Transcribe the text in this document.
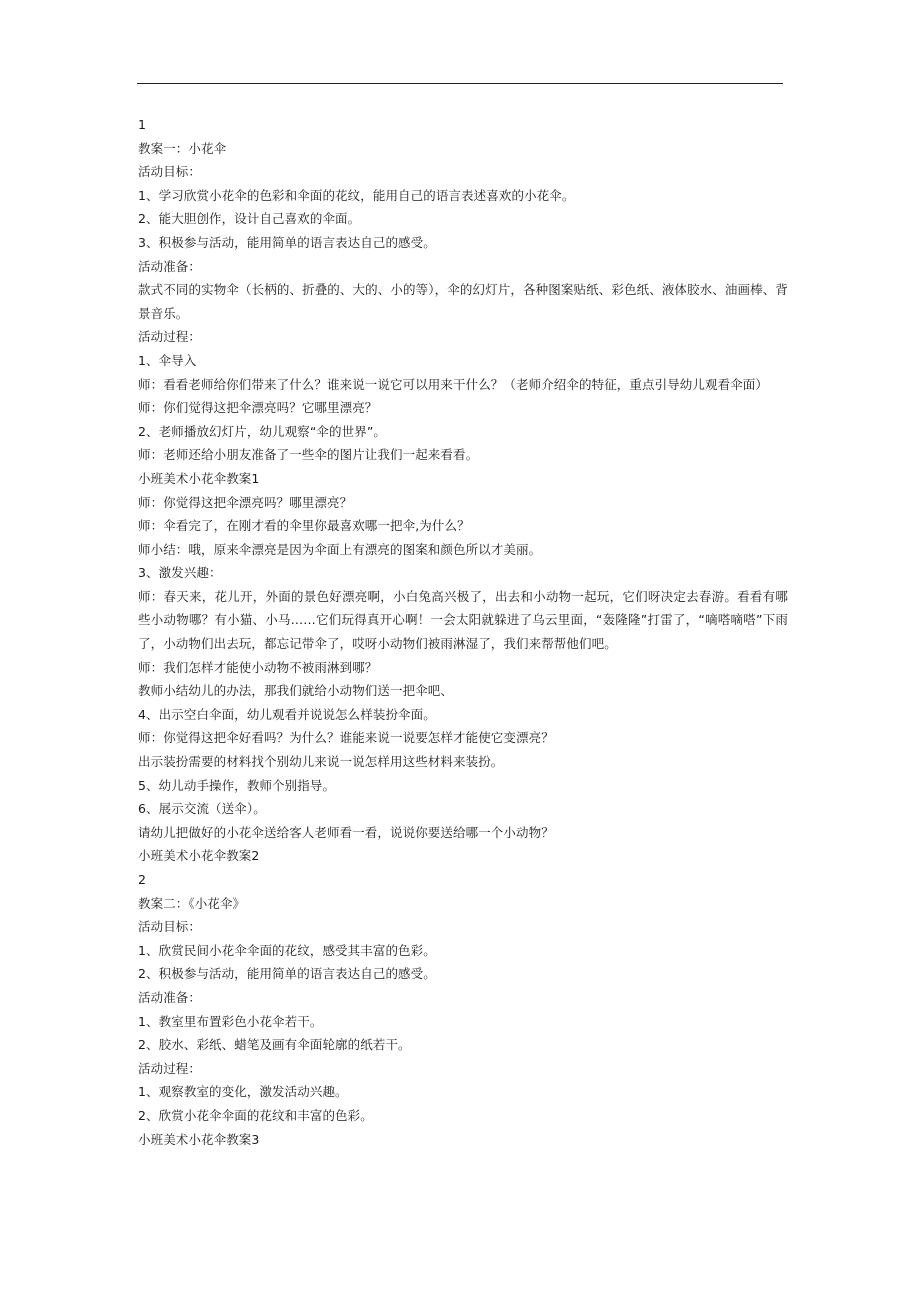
1
教案一：小花伞
活动目标：
1、学习欣赏小花伞的色彩和伞面的花纹，能用自己的语言表述喜欢的小花伞。
2、能大胆创作，设计自己喜欢的伞面。
3、积极参与活动，能用简单的语言表达自己的感受。
活动准备：
款式不同的实物伞（长柄的、折叠的、大的、小的等），伞的幻灯片，各种图案贴纸、彩色纸、液体胶水、油画棒、背景音乐。
活动过程：
1、伞导入
师：看看老师给你们带来了什么？谁来说一说它可以用来干什么？（老师介绍伞的特征，重点引导幼儿观看伞面）
师：你们觉得这把伞漂亮吗？它哪里漂亮？
2、老师播放幻灯片，幼儿观察“伞的世界”。
师：老师还给小朋友准备了一些伞的图片让我们一起来看看。
小班美术小花伞教案1
师：你觉得这把伞漂亮吗？哪里漂亮？
师：伞看完了，在刚才看的伞里你最喜欢哪一把伞,为什么？
师小结：哦，原来伞漂亮是因为伞面上有漂亮的图案和颜色所以才美丽。
3、激发兴趣：
师：春天来，花儿开，外面的景色好漂亮啊，小白兔高兴极了，出去和小动物一起玩，它们呀决定去春游。看看有哪些小动物哪？有小猫、小马……它们玩得真开心啊！一会太阳就躲进了乌云里面，“轰隆隆”打雷了，“嘀嗒嘀嗒”下雨了，小动物们出去玩，都忘记带伞了，哎呀小动物们被雨淋湿了，我们来帮帮他们吧。
师：我们怎样才能使小动物不被雨淋到哪？
教师小结幼儿的办法，那我们就给小动物们送一把伞吧、
4、出示空白伞面，幼儿观看并说说怎么样装扮伞面。
师：你觉得这把伞好看吗？为什么？谁能来说一说要怎样才能使它变漂亮？
出示装扮需要的材料找个别幼儿来说一说怎样用这些材料来装扮。
5、幼儿动手操作，教师个别指导。
6、展示交流（送伞）。
请幼儿把做好的小花伞送给客人老师看一看，说说你要送给哪一个小动物？
小班美术小花伞教案2
2
教案二：《小花伞》
活动目标：
1、欣赏民间小花伞伞面的花纹，感受其丰富的色彩。
2、积极参与活动，能用简单的语言表达自己的感受。
活动准备：
1、教室里布置彩色小花伞若干。
2、胶水、彩纸、蜡笔及画有伞面轮廓的纸若干。
活动过程：
1、观察教室的变化，激发活动兴趣。
2、欣赏小花伞伞面的花纹和丰富的色彩。
小班美术小花伞教案3
